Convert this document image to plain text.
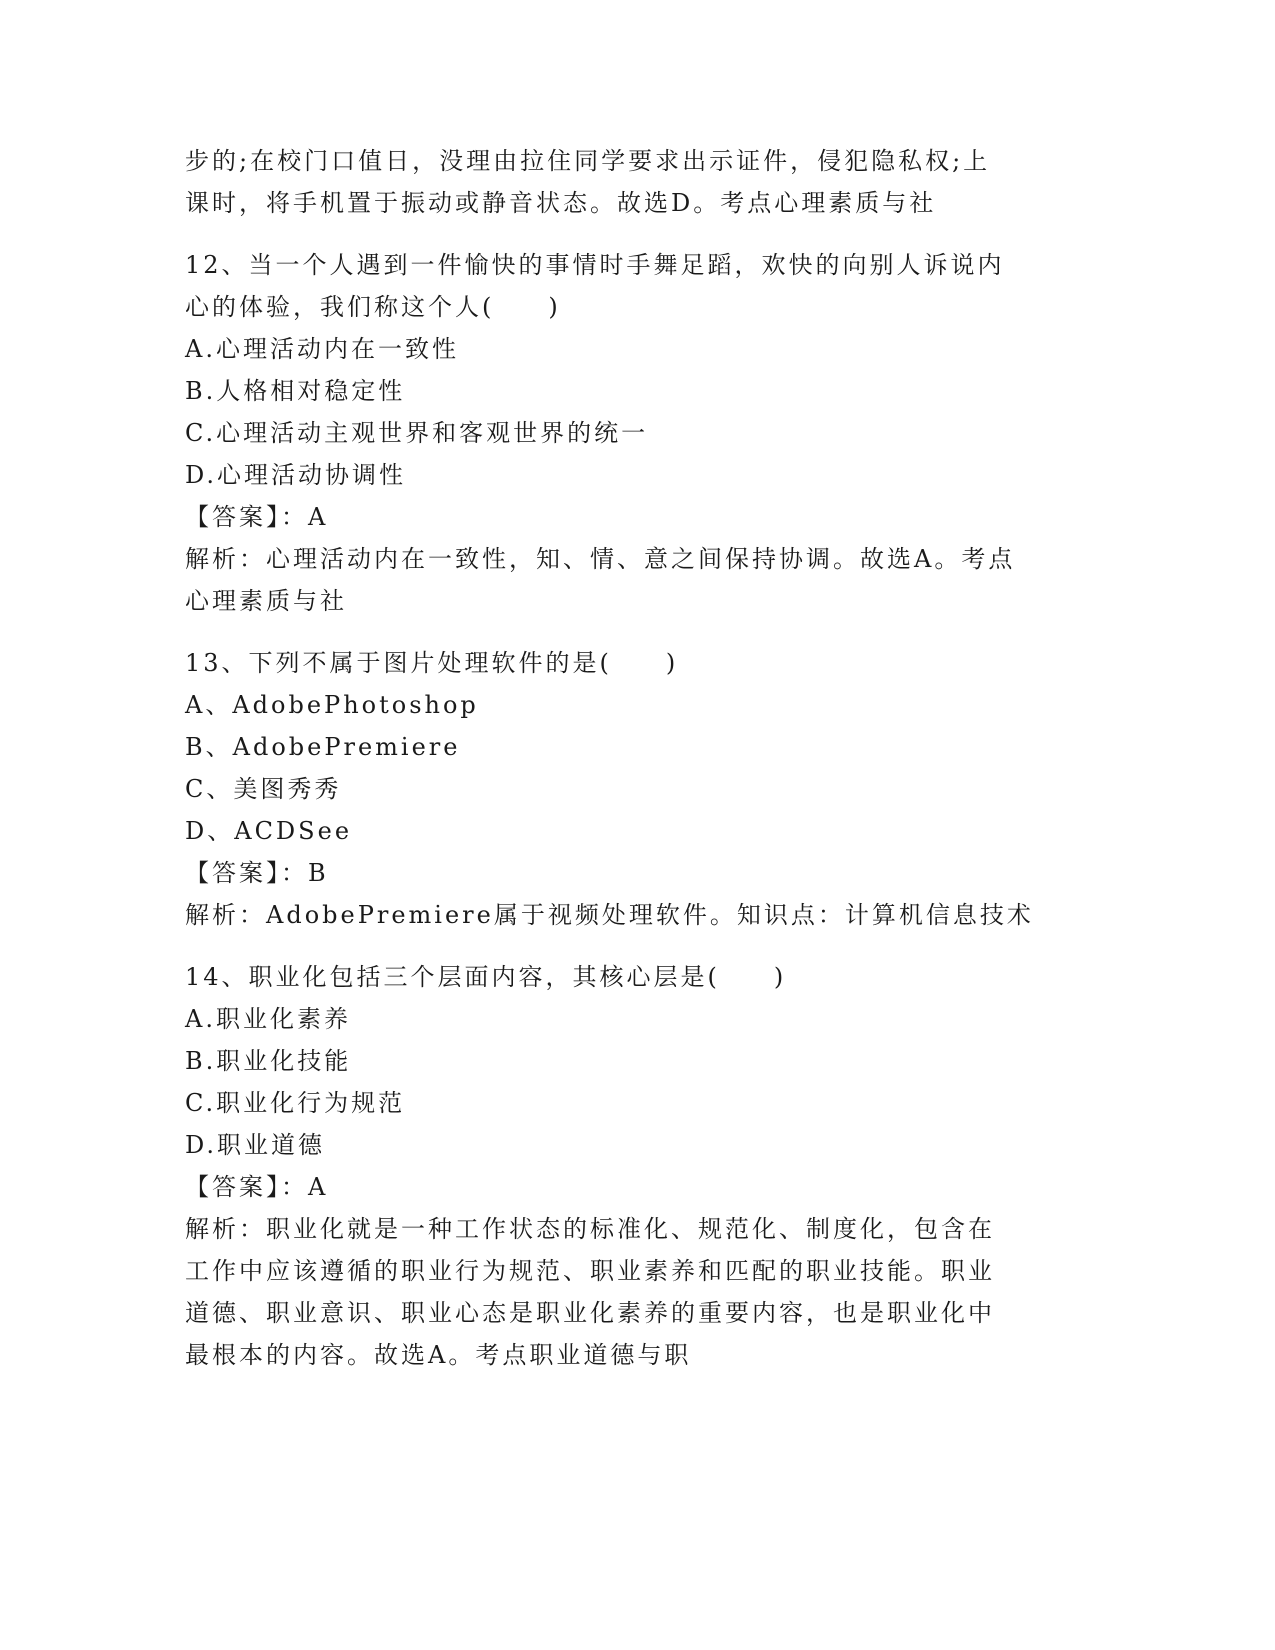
步的;在校门口值日，没理由拉住同学要求出示证件，侵犯隐私权;上
课时，将手机置于振动或静音状态。故选D。考点心理素质与社
12、当一个人遇到一件愉快的事情时手舞足蹈，欢快的向别人诉说内
心的体验，我们称这个人(　　)
A.心理活动内在一致性
B.人格相对稳定性
C.心理活动主观世界和客观世界的统一
D.心理活动协调性
【答案】：A
解析：心理活动内在一致性，知、情、意之间保持协调。故选A。考点
心理素质与社
13、下列不属于图片处理软件的是(　　)
A、AdobePhotoshop
B、AdobePremiere
C、美图秀秀
D、ACDSee
【答案】：B
解析：AdobePremiere属于视频处理软件。知识点：计算机信息技术
14、职业化包括三个层面内容，其核心层是(　　)
A.职业化素养
B.职业化技能
C.职业化行为规范
D.职业道德
【答案】：A
解析：职业化就是一种工作状态的标准化、规范化、制度化，包含在
工作中应该遵循的职业行为规范、职业素养和匹配的职业技能。职业
道德、职业意识、职业心态是职业化素养的重要内容，也是职业化中
最根本的内容。故选A。考点职业道德与职
